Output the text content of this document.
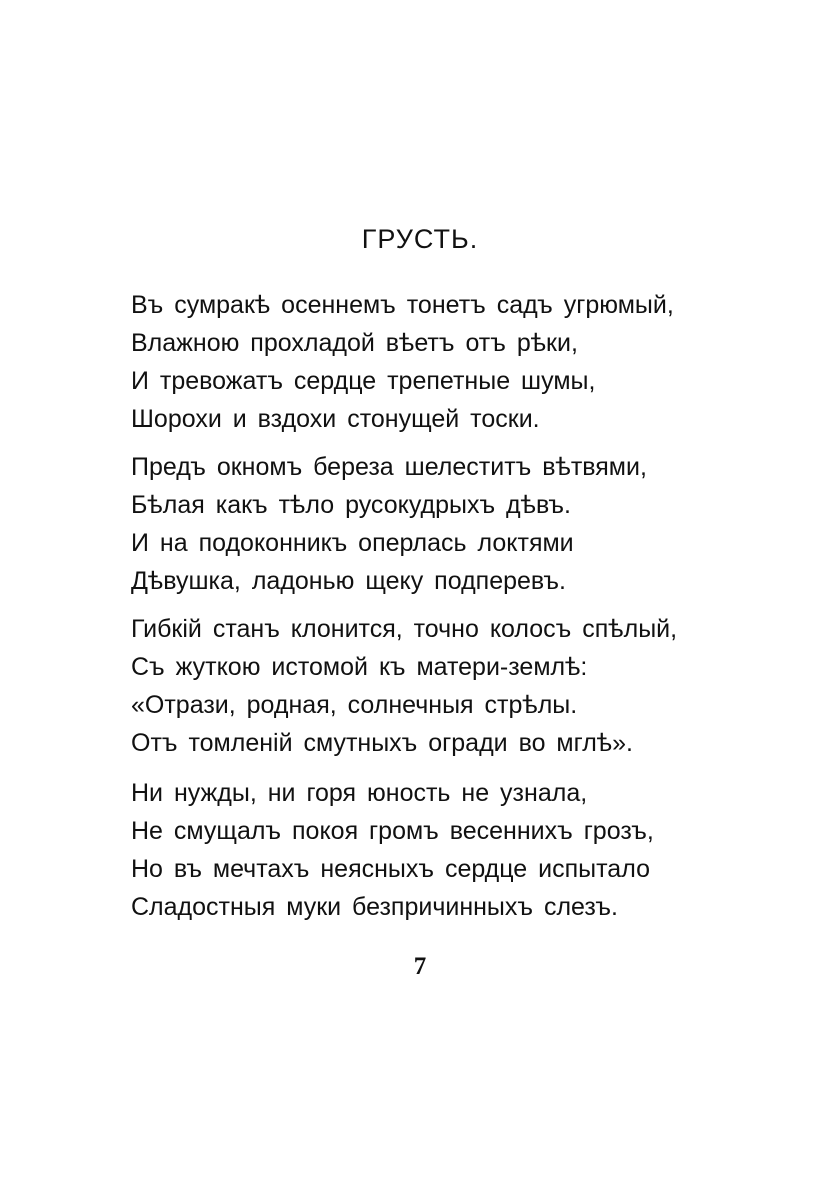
ГРУСТЬ.
Въ сумракѣ осеннемъ тонетъ садъ угрюмый,
Влажною прохладой вѣетъ отъ рѣки,
И тревожатъ сердце трепетные шумы,
Шорохи и вздохи стонущей тоски.
Предъ окномъ береза шелеститъ вѣтвями,
Бѣлая какъ тѣло русокудрыхъ дѣвъ.
И на подоконникъ оперлась локтями
Дѣвушка, ладонью щеку подперевъ.
Гибкій станъ клонится, точно колосъ спѣлый,
Съ жуткою истомой къ матери-землѣ:
«Отрази, родная, солнечныя стрѣлы.
Отъ томленій смутныхъ огради во мглѣ».
Ни нужды, ни горя юность не узнала,
Не смущалъ покоя громъ весеннихъ грозъ,
Но въ мечтахъ неясныхъ сердце испытало
Сладостныя муки безпричинныхъ слезъ.
7
